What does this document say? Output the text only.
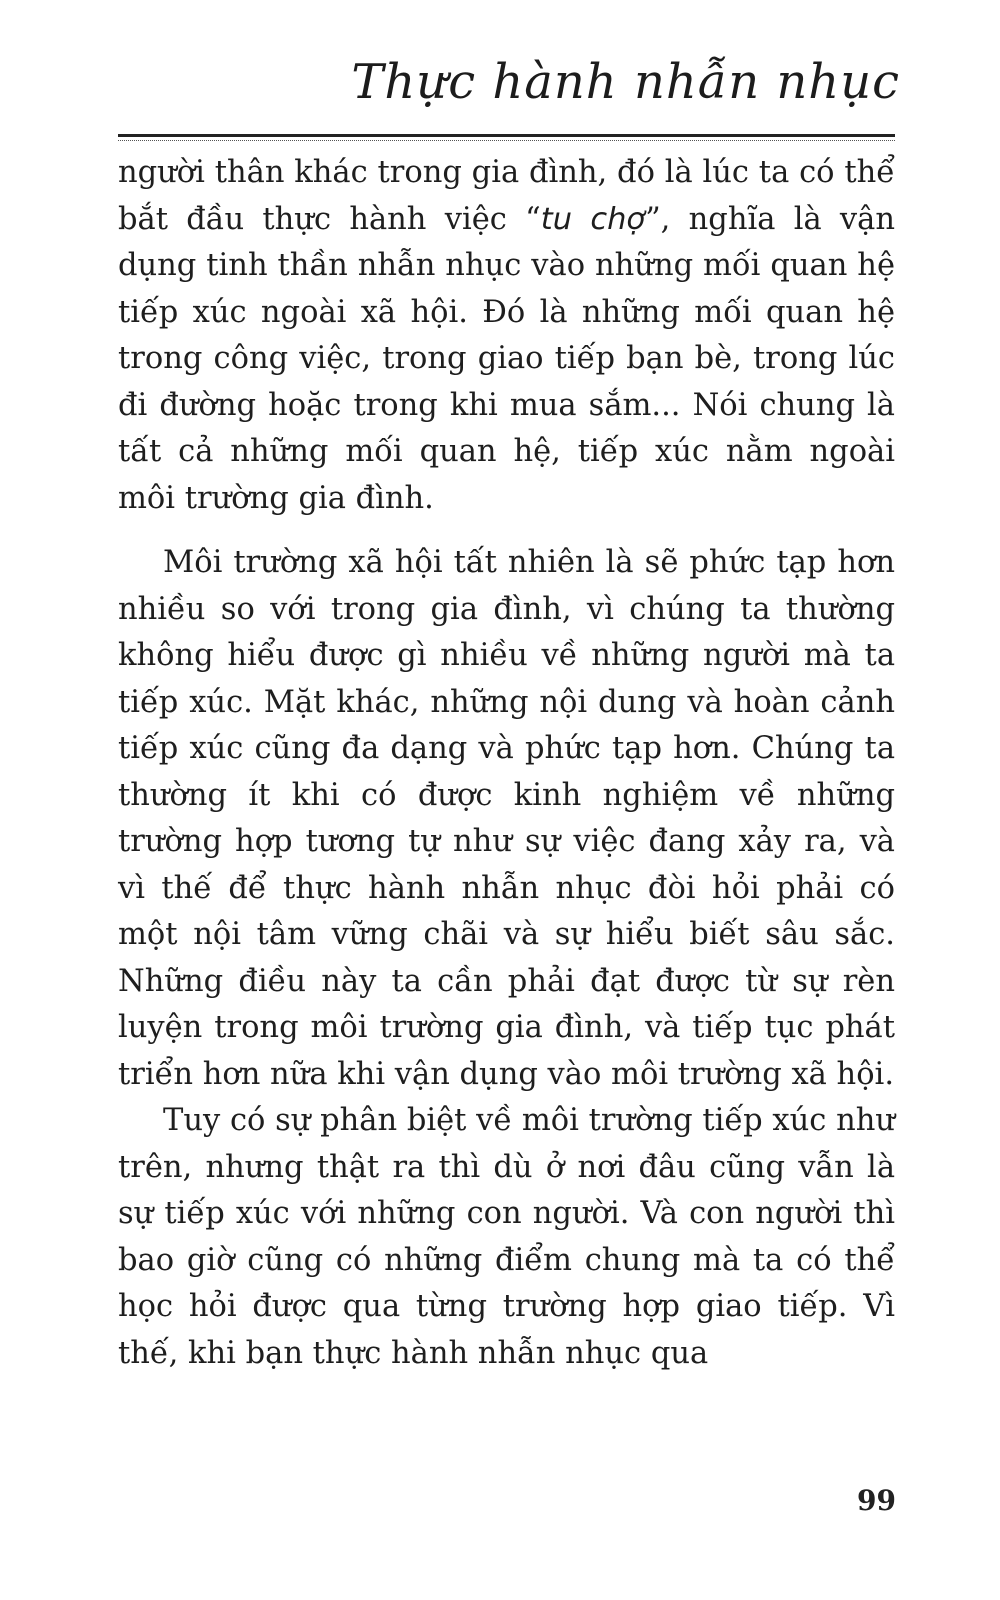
Thực hành nhẫn nhục

người thân khác trong gia đình, đó là lúc ta có thể bắt đầu thực hành việc “tu chợ”, nghĩa là vận dụng tinh thần nhẫn nhục vào những mối quan hệ tiếp xúc ngoài xã hội. Đó là những mối quan hệ trong công việc, trong giao tiếp bạn bè, trong lúc đi đường hoặc trong khi mua sắm... Nói chung là tất cả những mối quan hệ, tiếp xúc nằm ngoài môi trường gia đình.

Môi trường xã hội tất nhiên là sẽ phức tạp hơn nhiều so với trong gia đình, vì chúng ta thường không hiểu được gì nhiều về những người mà ta tiếp xúc. Mặt khác, những nội dung và hoàn cảnh tiếp xúc cũng đa dạng và phức tạp hơn. Chúng ta thường ít khi có được kinh nghiệm về những trường hợp tương tự như sự việc đang xảy ra, và vì thế để thực hành nhẫn nhục đòi hỏi phải có một nội tâm vững chãi và sự hiểu biết sâu sắc. Những điều này ta cần phải đạt được từ sự rèn luyện trong môi trường gia đình, và tiếp tục phát triển hơn nữa khi vận dụng vào môi trường xã hội.

Tuy có sự phân biệt về môi trường tiếp xúc như trên, nhưng thật ra thì dù ở nơi đâu cũng vẫn là sự tiếp xúc với những con người. Và con người thì bao giờ cũng có những điểm chung mà ta có thể học hỏi được qua từng trường hợp giao tiếp. Vì thế, khi bạn thực hành nhẫn nhục qua

99
